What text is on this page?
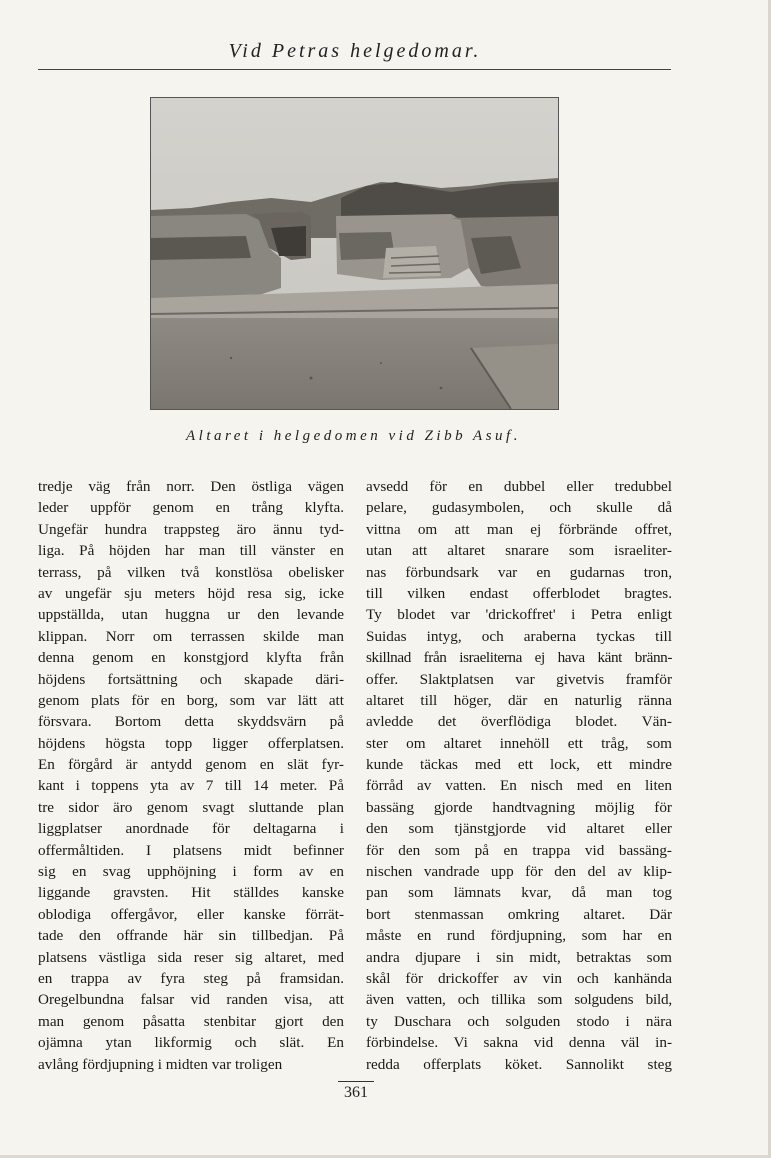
Vid Petras helgedomar.
Altaret i helgedomen vid Zibb Asuf.
tredje väg från norr. Den östliga vägen
leder uppför genom en trång klyfta.
Ungefär hundra trappsteg äro ännu tyd-
liga. På höjden har man till vänster en
terrass, på vilken två konstlösa obelisker
av ungefär sju meters höjd resa sig, icke
uppställda, utan huggna ur den levande
klippan. Norr om terrassen skilde man
denna genom en konstgjord klyfta från
höjdens fortsättning och skapade däri-
genom plats för en borg, som var lätt att
försvara. Bortom detta skyddsvärn på
höjdens högsta topp ligger offerplatsen.
En förgård är antydd genom en slät fyr-
kant i toppens yta av 7 till 14 meter. På
tre sidor äro genom svagt sluttande plan
liggplatser anordnade för deltagarna i
offermåltiden. I platsens midt befinner
sig en svag upphöjning i form av en
liggande gravsten. Hit ställdes kanske
oblodiga offergåvor, eller kanske förrät-
tade den offrande här sin tillbedjan. På
platsens västliga sida reser sig altaret, med
en trappa av fyra steg på framsidan.
Oregelbundna falsar vid randen visa, att
man genom påsatta stenbitar gjort den
ojämna ytan likformig och slät. En
avlång fördjupning i midten var troligen
avsedd för en dubbel eller tredubbel
pelare, gudasymbolen, och skulle då
vittna om att man ej förbrände offret,
utan att altaret snarare som israeliter-
nas förbundsark var en gudarnas tron,
till vilken endast offerblodet bragtes.
Ty blodet var 'drickoffret' i Petra enligt
Suidas intyg, och araberna tyckas till
skillnad från israeliterna ej hava känt bränn-
offer. Slaktplatsen var givetvis framför
altaret till höger, där en naturlig ränna
avledde det överflödiga blodet. Vän-
ster om altaret innehöll ett tråg, som
kunde täckas med ett lock, ett mindre
förråd av vatten. En nisch med en liten
bassäng gjorde handtvagning möjlig för
den som tjänstgjorde vid altaret eller
för den som på en trappa vid bassäng-
nischen vandrade upp för den del av klip-
pan som lämnats kvar, då man tog
bort stenmassan omkring altaret. Där
måste en rund fördjupning, som har en
andra djupare i sin midt, betraktas som
skål för drickoffer av vin och kanhända
även vatten, och tillika som solgudens bild,
ty Duschara och solguden stodo i nära
förbindelse. Vi sakna vid denna väl in-
redda offerplats köket. Sannolikt steg
361
